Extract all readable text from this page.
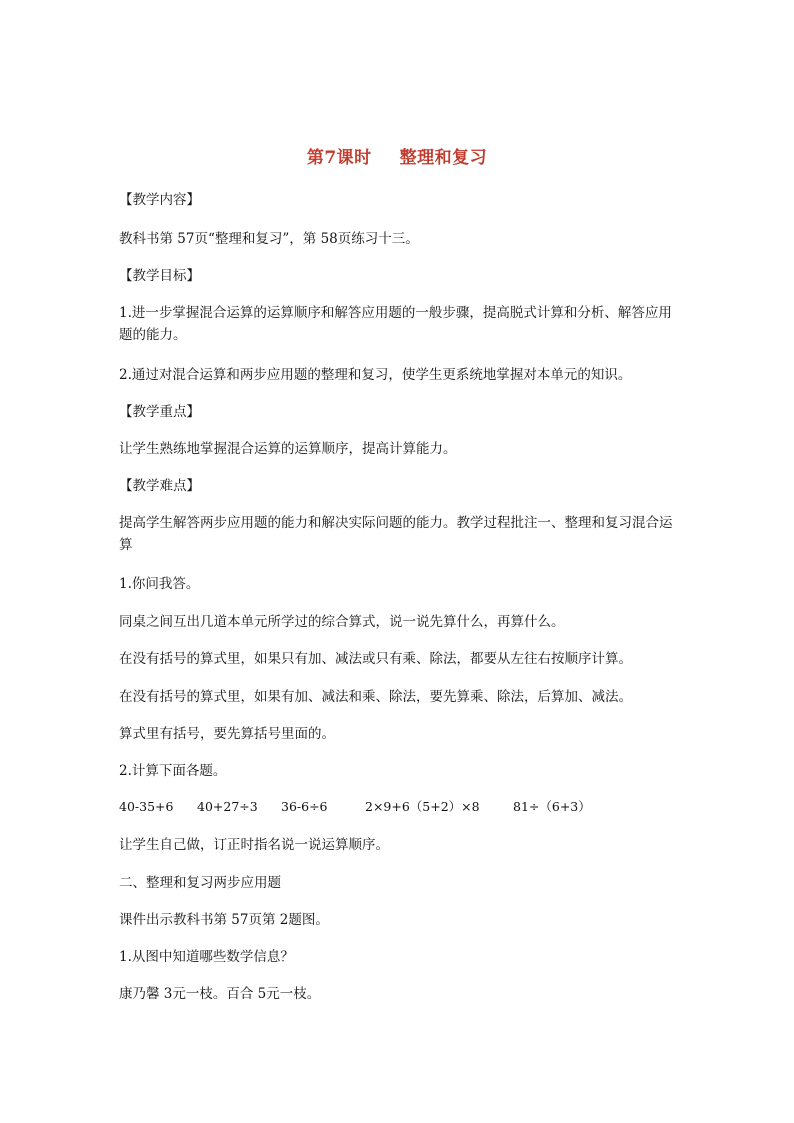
第7课时 整理和复习
【教学内容】
教科书第 57页“整理和复习”，第 58页练习十三。
【教学目标】
1.进一步掌握混合运算的运算顺序和解答应用题的一般步骤，提高脱式计算和分析、解答应用题的能力。
2.通过对混合运算和两步应用题的整理和复习，使学生更系统地掌握对本单元的知识。
【教学重点】
让学生熟练地掌握混合运算的运算顺序，提高计算能力。
【教学难点】
提高学生解答两步应用题的能力和解决实际问题的能力。教学过程批注一、整理和复习混合运算
1.你问我答。
同桌之间互出几道本单元所学过的综合算式，说一说先算什么，再算什么。
在没有括号的算式里，如果只有加、减法或只有乘、除法，都要从左往右按顺序计算。
在没有括号的算式里，如果有加、减法和乘、除法，要先算乘、除法，后算加、减法。
算式里有括号，要先算括号里面的。
2.计算下面各题。
40-35+6 40+27÷3 36-6÷6	2×9+6（5+2）×8	81÷（6+3）
让学生自己做，订正时指名说一说运算顺序。
二、整理和复习两步应用题
课件出示教科书第 57页第 2题图。
1.从图中知道哪些数学信息？
康乃馨 3元一枝。百合 5元一枝。
